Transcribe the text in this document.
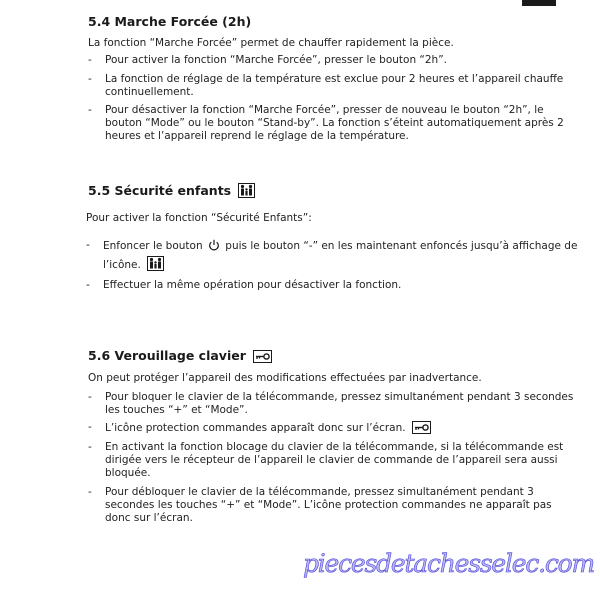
5.4 Marche Forcée (2h)
La fonction “Marche Forcée” permet de chauffer rapidement la pièce.
- Pour activer la fonction “Marche Forcée”, presser le bouton “2h”.
- La fonction de réglage de la température est exclue pour 2 heures et l’appareil chauffe
continuellement.
- Pour désactiver la fonction “Marche Forcée”, presser de nouveau le bouton “2h”, le
bouton “Mode” ou le bouton “Stand-by”. La fonction s’éteint automatiquement après 2
heures et l’appareil reprend le réglage de la température.
5.5 Sécurité enfants
Pour activer la fonction “Sécurité Enfants”:
- Enfoncer le bouton puis le bouton “-” en les maintenant enfoncés jusqu’à affichage de
l’icône.
- Effectuer la même opération pour désactiver la fonction.
5.6 Verouillage clavier
On peut protéger l’appareil des modifications effectuées par inadvertance.
- Pour bloquer le clavier de la télécommande, pressez simultanément pendant 3 secondes
les touches “+” et “Mode”.
- L’icône protection commandes apparaît donc sur l’écran.
- En activant la fonction blocage du clavier de la télécommande, si la télécommande est
dirigée vers le récepteur de l’appareil le clavier de commande de l’appareil sera aussi
bloquée.
- Pour débloquer le clavier de la télécommande, pressez simultanément pendant 3
secondes les touches “+” et “Mode”. L’icône protection commandes ne apparaît pas
donc sur l’écran.
piecesdetachesselec.com
